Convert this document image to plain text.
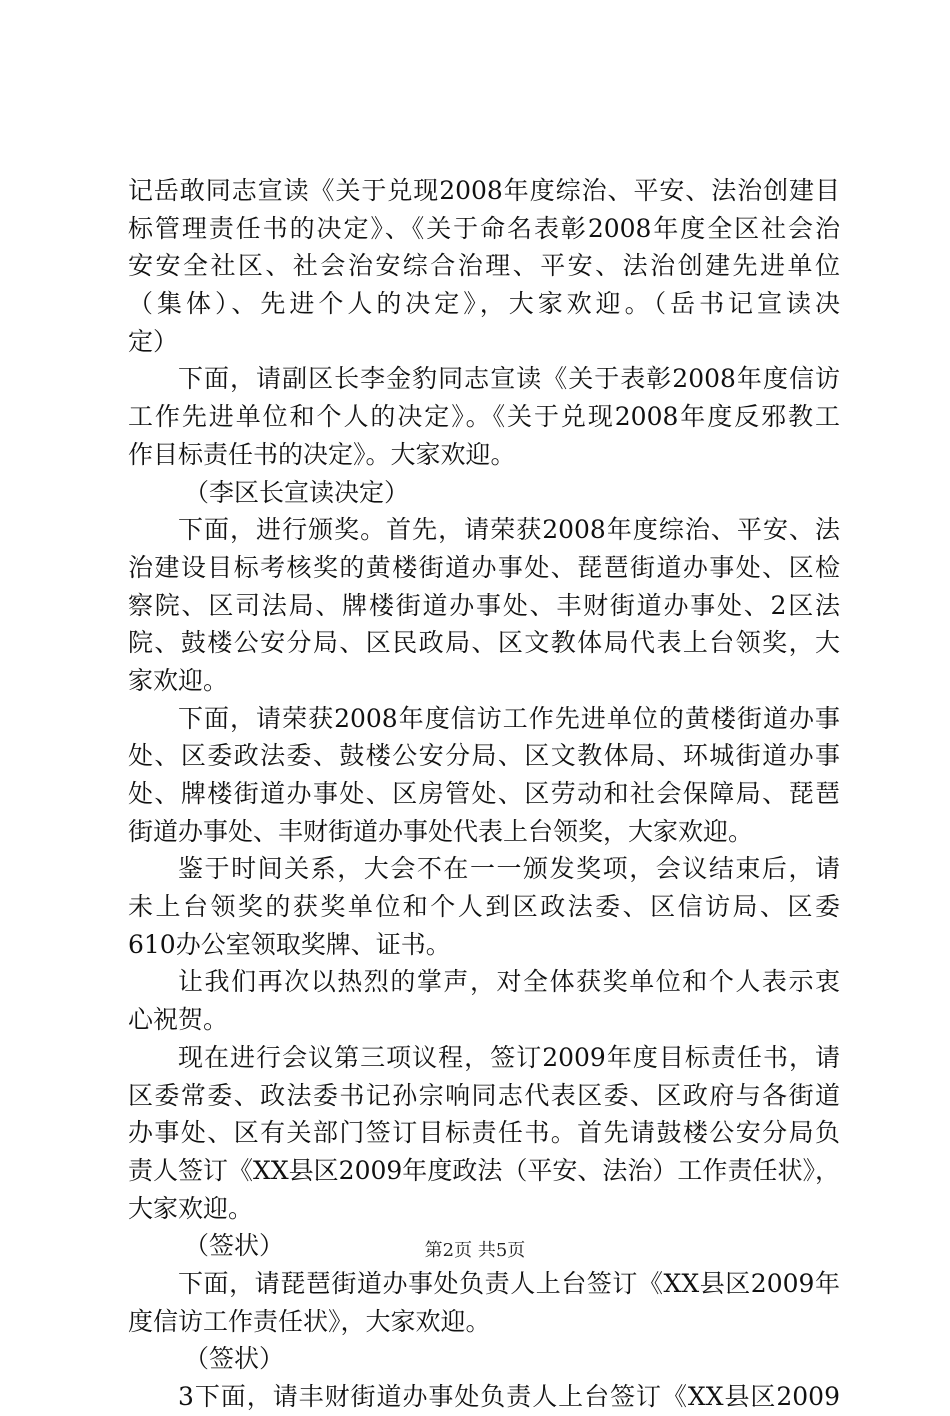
记岳敢同志宣读《关于兑现2008年度综治、平安、法治创建目
标管理责任书的决定》、《关于命名表彰2008年度全区社会治
安安全社区、社会治安综合治理、平安、法治创建先进单位
（集体）、先进个人的决定》，大家欢迎。（岳书记宣读决
定）
下面，请副区长李金豹同志宣读《关于表彰2008年度信访
工作先进单位和个人的决定》。《关于兑现2008年度反邪教工
作目标责任书的决定》。大家欢迎。
（李区长宣读决定）
下面，进行颁奖。首先，请荣获2008年度综治、平安、法
治建设目标考核奖的黄楼街道办事处、琵琶街道办事处、区检
察院、区司法局、牌楼街道办事处、丰财街道办事处、2区法
院、鼓楼公安分局、区民政局、区文教体局代表上台领奖，大
家欢迎。
下面，请荣获2008年度信访工作先进单位的黄楼街道办事
处、区委政法委、鼓楼公安分局、区文教体局、环城街道办事
处、牌楼街道办事处、区房管处、区劳动和社会保障局、琵琶
街道办事处、丰财街道办事处代表上台领奖，大家欢迎。
鉴于时间关系，大会不在一一颁发奖项，会议结束后，请
未上台领奖的获奖单位和个人到区政法委、区信访局、区委
610办公室领取奖牌、证书。
让我们再次以热烈的掌声，对全体获奖单位和个人表示衷
心祝贺。
现在进行会议第三项议程，签订2009年度目标责任书，请
区委常委、政法委书记孙宗响同志代表区委、区政府与各街道
办事处、区有关部门签订目标责任书。首先请鼓楼公安分局负
责人签订《XX县区2009年度政法（平安、法治）工作责任状》，
大家欢迎。
（签状）
下面，请琵琶街道办事处负责人上台签订《XX县区2009年
度信访工作责任状》，大家欢迎。
（签状）
3下面，请丰财街道办事处负责人上台签订《XX县区2009
第2页 共5页
